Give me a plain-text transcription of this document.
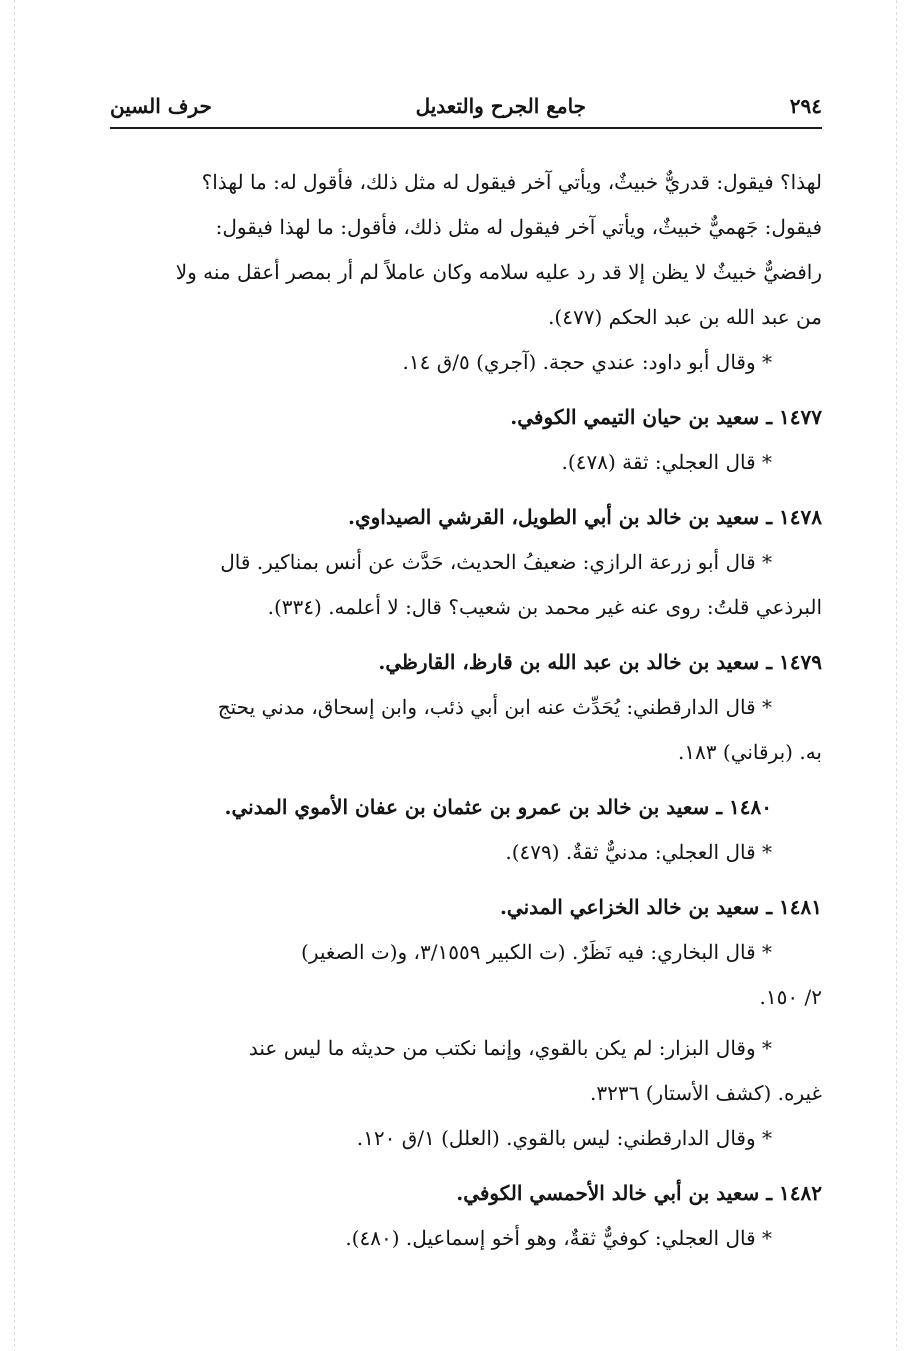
٢٩٤
جامع الجرح والتعديل
حرف السين
لهذا؟ فيقول: قدريٌّ خبيثٌ، ويأتي آخر فيقول له مثل ذلك، فأقول له: ما لهذا؟
فيقول: جَهميٌّ خبيثٌ، ويأتي آخر فيقول له مثل ذلك، فأقول: ما لهذا فيقول:
رافضيٌّ خبيثٌ لا يظن إلا قد رد عليه سلامه وكان عاملاً لم أر بمصر أعقل منه ولا
من عبد الله بن عبد الحكم (٤٧٧).
* وقال أبو داود: عندي حجة. (آجري) ٥/ق ١٤.
١٤٧٧ ـ سعيد بن حيان التيمي الكوفي.
* قال العجلي: ثقة (٤٧٨).
١٤٧٨ ـ سعيد بن خالد بن أبي الطويل، القرشي الصيداوي.
* قال أبو زرعة الرازي: ضعيفُ الحديث، حَدَّث عن أنس بمناكير. قال
البرذعي قلتُ: روى عنه غير محمد بن شعيب؟ قال: لا أعلمه. (٣٣٤).
١٤٧٩ ـ سعيد بن خالد بن عبد الله بن قارظ، القارظي.
* قال الدارقطني: يُحَدِّث عنه ابن أبي ذئب، وابن إسحاق، مدني يحتج
به. (برقاني) ١٨٣.
١٤٨٠ ـ سعيد بن خالد بن عمرو بن عثمان بن عفان الأموي المدني.
* قال العجلي: مدنيٌّ ثقةٌ. (٤٧٩).
١٤٨١ ـ سعيد بن خالد الخزاعي المدني.
* قال البخاري: فيه نَظَرٌ. (ت الكبير ٣/١٥٥٩، و(ت الصغير)
٢/ ١٥٠.
* وقال البزار: لم يكن بالقوي، وإنما نكتب من حديثه ما ليس عند
غيره. (كشف الأستار) ٣٢٣٦.
* وقال الدارقطني: ليس بالقوي. (العلل) ١/ق ١٢٠.
١٤٨٢ ـ سعيد بن أبي خالد الأحمسي الكوفي.
* قال العجلي: كوفيٌّ ثقةٌ، وهو أخو إسماعيل. (٤٨٠).
